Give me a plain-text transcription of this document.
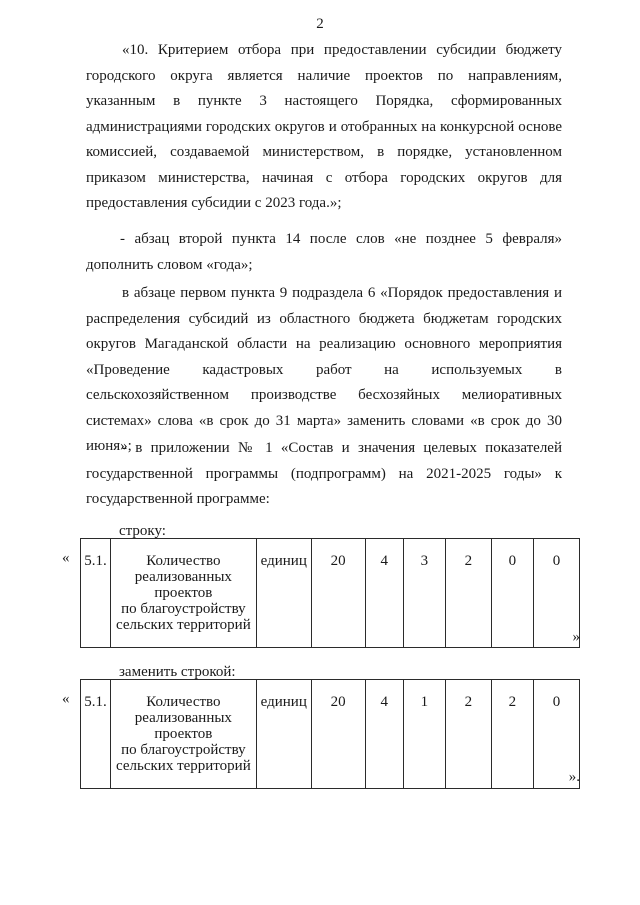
2

«10. Критерием отбора при предоставлении субсидии бюджету городского округа является наличие проектов по направлениям, указанным в пункте 3 настоящего Порядка, сформированных администрациями городских округов и отобранных на конкурсной основе комиссией, создаваемой министерством, в порядке, установленном приказом министерства, начиная с отбора городских округов для предоставления субсидии с 2023 года.»;

- абзац второй пункта 14 после слов «не позднее 5 февраля» дополнить словом «года»;

в абзаце первом пункта 9 подраздела 6 «Порядок предоставления и распределения субсидий из областного бюджета бюджетам городских округов Магаданской области на реализацию основного мероприятия «Проведение кадастровых работ на используемых в сельскохозяйственном производстве бесхозяйных мелиоративных системах» слова «в срок до 31 марта» заменить словами «в срок до 30 июня»;

- в приложении № 1 «Состав и значения целевых показателей государственной программы (подпрограмм) на 2021-2025 годы» к государственной программе:

строку:
« 5.1.	Количество
реализованных
проектов
по благоустройству
сельских территорий
	единиц	20	4	3	2	0	0
»
заменить строкой:
« 5.1.	Количество
реализованных
проектов
по благоустройству
сельских территорий
	единиц	20	4	1	2	2	0
».
